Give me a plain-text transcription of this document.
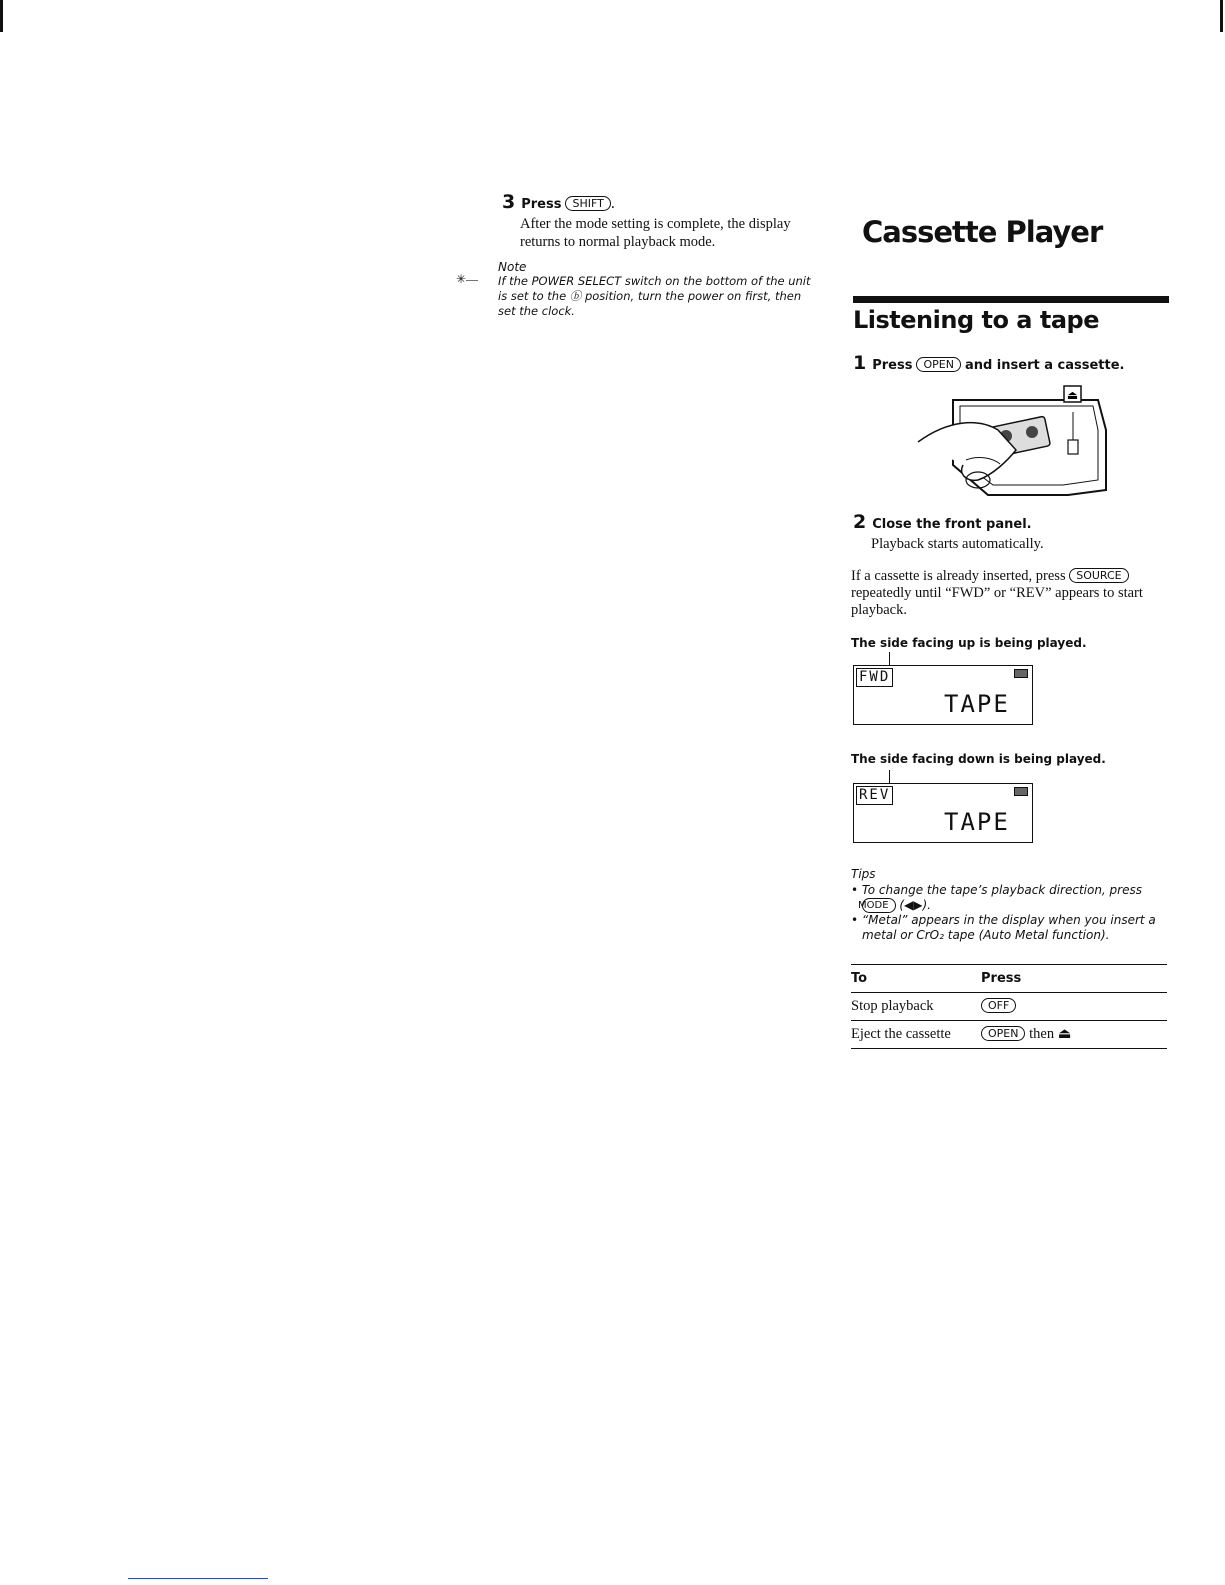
3 Press SHIFT .
After the mode setting is complete, the display returns to normal playback mode.
✳—
Note
If the POWER SELECT switch on the bottom of the unit is set to the ⓑ position, turn the power on first, then set the clock.
Cassette Player
Listening to a tape
1 Press OPEN and insert a cassette.
⏏
2 Close the front panel.
Playback starts automatically.
If a cassette is already inserted, press SOURCE repeatedly until “FWD” or “REV” appears to start playback.
The side facing up is being played.
FWD
TAPE
The side facing down is being played.
REV
TAPE
Tips
• To change the tape’s playback direction, press MODE (◀▶).
• “Metal” appears in the display when you insert a metal or CrO₂ tape (Auto Metal function).
To	Press
Stop playback	OFF
Eject the cassette	OPEN then ⏏
